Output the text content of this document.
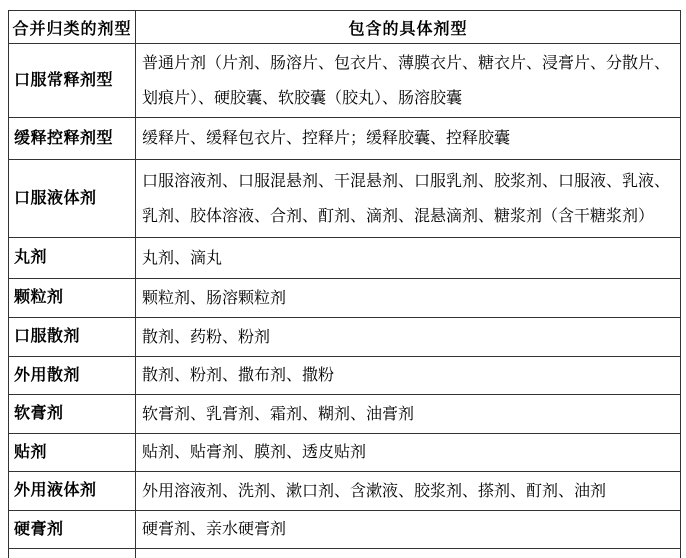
合并归类的剂型	包含的具体剂型
口服常释剂型	普通片剂（片剂、肠溶片、包衣片、薄膜衣片、糖衣片、浸膏片、分散片、划痕片）、硬胶囊、软胶囊（胶丸）、肠溶胶囊
缓释控释剂型	缓释片、缓释包衣片、控释片；缓释胶囊、控释胶囊
口服液体剂	口服溶液剂、口服混悬剂、干混悬剂、口服乳剂、胶浆剂、口服液、乳液、乳剂、胶体溶液、合剂、酊剂、滴剂、混悬滴剂、糖浆剂（含干糖浆剂）
丸剂	丸剂、滴丸
颗粒剂	颗粒剂、肠溶颗粒剂
口服散剂	散剂、药粉、粉剂
外用散剂	散剂、粉剂、撒布剂、撒粉
软膏剂	软膏剂、乳膏剂、霜剂、糊剂、油膏剂
贴剂	贴剂、贴膏剂、膜剂、透皮贴剂
外用液体剂	外用溶液剂、洗剂、漱口剂、含漱液、胶浆剂、搽剂、酊剂、油剂
硬膏剂	硬膏剂、亲水硬膏剂
